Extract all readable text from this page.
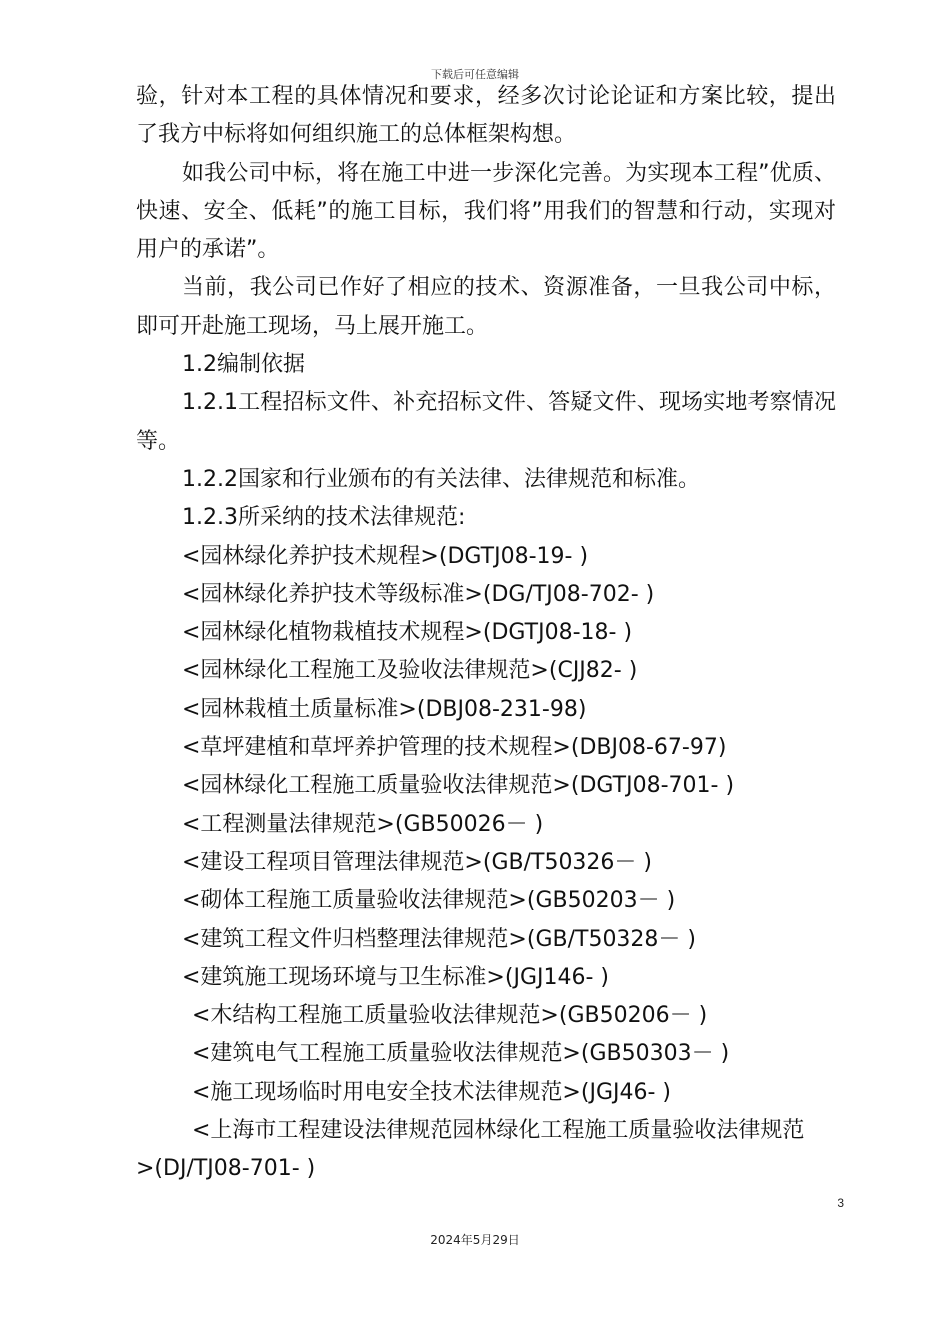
下载后可任意编辑

验，针对本工程的具体情况和要求，经多次讨论论证和方案比较，提出了我方中标将如何组织施工的总体框架构想。

如我公司中标，将在施工中进一步深化完善。为实现本工程”优质、快速、安全、低耗”的施工目标，我们将”用我们的智慧和行动，实现对用户的承诺”。

当前，我公司已作好了相应的技术、资源准备，一旦我公司中标，即可开赴施工现场，马上展开施工。

1.2编制依据

1.2.1工程招标文件、补充招标文件、答疑文件、现场实地考察情况等。

1.2.2国家和行业颁布的有关法律、法律规范和标准。

1.2.3所采纳的技术法律规范:

<园林绿化养护技术规程>(DGTJ08-19- )

<园林绿化养护技术等级标准>(DG/TJ08-702- )

<园林绿化植物栽植技术规程>(DGTJ08-18- )

<园林绿化工程施工及验收法律规范>(CJJ82- )

<园林栽植土质量标准>(DBJ08-231-98)

<草坪建植和草坪养护管理的技术规程>(DBJ08-67-97)

<园林绿化工程施工质量验收法律规范>(DGTJ08-701- )

<工程测量法律规范>(GB50026－ )

<建设工程项目管理法律规范>(GB/T50326－ )

<砌体工程施工质量验收法律规范>(GB50203－ )

<建筑工程文件归档整理法律规范>(GB/T50328－ )

<建筑施工现场环境与卫生标准>(JGJ146- )

<木结构工程施工质量验收法律规范>(GB50206－ )

<建筑电气工程施工质量验收法律规范>(GB50303－ )

<施工现场临时用电安全技术法律规范>(JGJ46- )

<上海市工程建设法律规范园林绿化工程施工质量验收法律规范

>(DJ/TJ08-701- )

3
2024年5月29日
